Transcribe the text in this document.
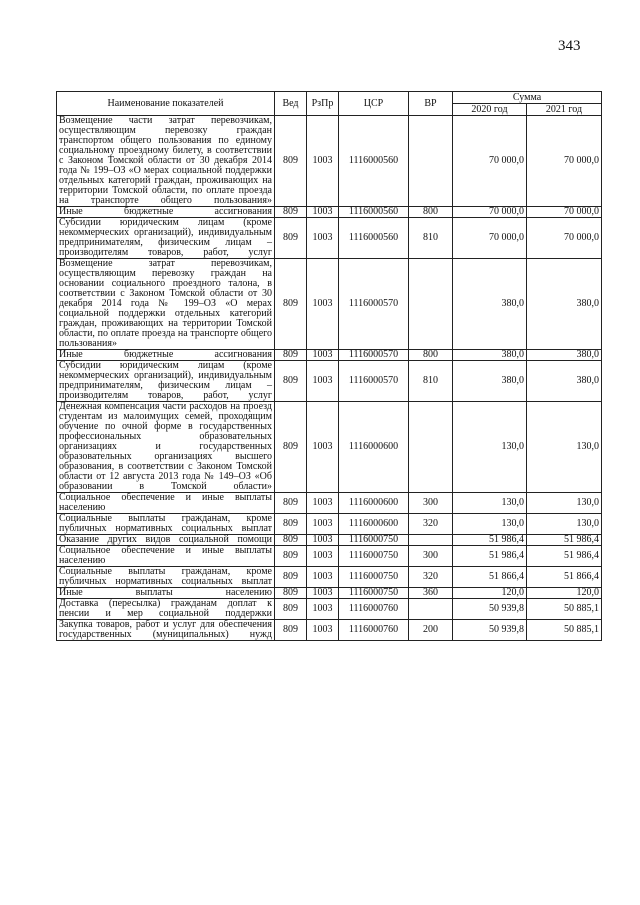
343
Наименование показателей	Вед	РзПр	ЦСР	ВР	Сумма	
					2020 год	2021 год
Возмещение части затрат перевозчикам, осуществляющим перевозку граждан транспортом общего пользования по единому социальному проездному билету, в соответствии с Законом Томской области от 30 декабря 2014 года № 199–ОЗ «О мерах социальной поддержки отдельных категорий граждан, проживающих на территории Томской области, по оплате проезда на транспорте общего пользования»	809	1003	1116000560		70 000,0	70 000,0
Иные бюджетные ассигнования	809	1003	1116000560	800	70 000,0	70 000,0
Субсидии юридическим лицам (кроме некоммерческих организаций), индивидуальным предпринимателям, физическим лицам – производителям товаров, работ, услуг	809	1003	1116000560	810	70 000,0	70 000,0
Возмещение затрат перевозчикам, осуществляющим перевозку граждан на основании социального проездного талона, в соответствии с Законом Томской области от 30 декабря 2014 года № 199–ОЗ «О мерах социальной поддержки отдельных категорий граждан, проживающих на территории Томской области, по оплате проезда на транспорте общего пользования»	809	1003	1116000570		380,0	380,0
Иные бюджетные ассигнования	809	1003	1116000570	800	380,0	380,0
Субсидии юридическим лицам (кроме некоммерческих организаций), индивидуальным предпринимателям, физическим лицам – производителям товаров, работ, услуг	809	1003	1116000570	810	380,0	380,0
Денежная компенсация части расходов на проезд студентам из малоимущих семей, проходящим обучение по очной форме в государственных профессиональных образовательных организациях и государственных образовательных организациях высшего образования, в соответствии с Законом Томской области от 12 августа 2013 года № 149–ОЗ «Об образовании в Томской области»	809	1003	1116000600		130,0	130,0
Социальное обеспечение и иные выплаты населению	809	1003	1116000600	300	130,0	130,0
Социальные выплаты гражданам, кроме публичных нормативных социальных выплат	809	1003	1116000600	320	130,0	130,0
Оказание других видов социальной помощи	809	1003	1116000750		51 986,4	51 986,4
Социальное обеспечение и иные выплаты населению	809	1003	1116000750	300	51 986,4	51 986,4
Социальные выплаты гражданам, кроме публичных нормативных социальных выплат	809	1003	1116000750	320	51 866,4	51 866,4
Иные выплаты населению	809	1003	1116000750	360	120,0	120,0
Доставка (пересылка) гражданам доплат к пенсии и мер социальной поддержки	809	1003	1116000760		50 939,8	50 885,1
Закупка товаров, работ и услуг для обеспечения государственных (муниципальных) нужд	809	1003	1116000760	200	50 939,8	50 885,1
